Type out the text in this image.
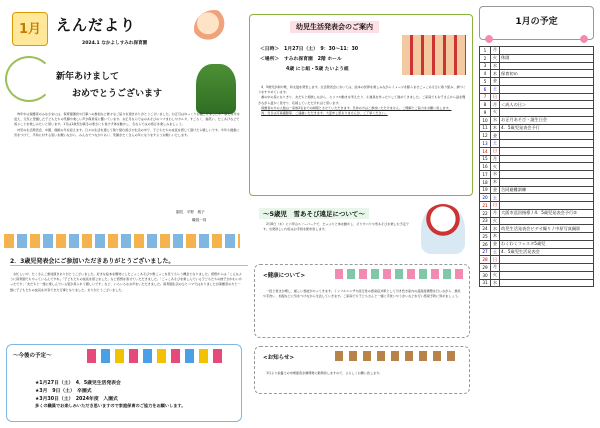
1月 えんだより
2024.1 なかよしすみれ保育園
新年あけまして
おめでとうございます

昨年中は保護者のみなさまには、保育園運営や行事への参加など様々なご協力を頂きありがとうございました。お正月はゆっくりお過ごせましたか？新たな年を迎え、元気に登園した子どもたちの笑顔や楽しい声が保育室に響いています。お正月ならではのあそびのコマまわしやカルタ、すごろく、福笑い、たこあげなどで遊ぶことを楽しみたいと思います。1月は1歳児が真冬の寒さにも負けず体を動かし、冬ならではの遊びを楽しみましょう。

幼児の生活発表会、卒園、進級の年を迎えます。日々の生活を通じて取り組む遊びや生活の中で、子どもたちの成長を感じて頂けたら嬉しいです。今年も健康に気をつけて、平和に対する思いを願いながら、みんなでつながりあい、笑顔がたくさんの年になりますようお願いいたします。

園長　平野　桃子
職員一同
2．3歳児発表会にご参加いただきありがとうございました。

お忙しい中、たくさんご参加頂きありがとうございました。好きな絵本を題材にしたごっこあそびや歌ごっこを見てもらう機会となりました。感想からは「こんなふうに保育園でもやっているんですね」「子どもたちの成長を感じました」など感想を寄せていただきました。「ごっこあそびを楽しんでいる子どもたちの様子がかわいかったです」「友だちと一緒に楽しんでいる姿が見られて嬉しいです」など、いろいろなお声をいただきました。保育園生活のひとコマではありましたが保護者の方と一緒に子どもたちの成長を共有できた行事となりました。ありがとうございました。

～今後の予定～
★1月27日（土）　4．5歳児生活発表会
★3月　9日（土）　卒園式
★3月30日（土）　2024年度　入園式
多くの職員でお楽しみいただき思いますので家庭保育のご協力をお願いします。
幼児生活発表会のご案内
＜日時＞　1月27日（土）　9：30～11：30
＜場所＞　すみれ保育園　2階 ホール
4歳 にじ組・5歳 たいよう組

4．5歳児が劇や歌、和太鼓を発表します。生活発表会においては、絵本の世界を楽しみながらイメージを膨らませごっこあそびに取り組み、劇づくりをすすめています。

劇の中の役になりきり、友だちと相談しながら、セリフや動きを考えたり、小道具を作ったりして進めてきました。ご家庭でもお子さんから話を聞きながら温かく見守り、応援していただければと思います。

保護者の方の人数は一家族2名までの制限とさせていただきます。兄弟の方はご参加いただけません。ご理解とご協力をお願い致します。

尚、当日は写真撮影等、ご遠慮いただきます。大変申し訳ありませんが、ご了承ください。

～5歳児　雪あそび遠足について～

2月8日（木）に六甲山スノーパークで、たっぷりと体を動かし、そりすべりや雪あそびを楽しむ予定です。出発詳しい内容はお手紙を配布致します。

<健康について>

一段と寒さが増し、厳しい寒波がやってきます。インフルエンザや流行性の感染症対策として引き続き室内の温湿度調整を行いながら、換気や手洗い、加湿などに気をつけながら生活していきます。ご家庭でも子どもさんと一緒に手洗いやうがいなどを行い感染予防に努めましょう。

<お知らせ>

1月より栄養士の市場夏希が調理場に勤務致しますので、よろしくお願い致します。

1月の予定
1	月	
2	火	休園
3	水	
4	木	保育初め
5	金	
6	土	
7	日	
8	月	＜成人の日＞
9	火	
10	水	お正月あそび・誕生日会
11	木	4．5歳児発表会予行
12	金	
13	土	
14	日	
15	月	
16	火	
17	水	
18	木	
19	金	合同避難訓練
20	土	
21	日	
22	月	大阪市巡回指導 / 4．5歳児発表会予行②
23	火	
24	水	幼児生活発表会ビデオ撮り / 中原写真撮影
25	木	
26	金	わくわくフェスタ5歳児
27	土	4．5歳児生活発表会
28	日	
29	月	
30	火	
31	水	
